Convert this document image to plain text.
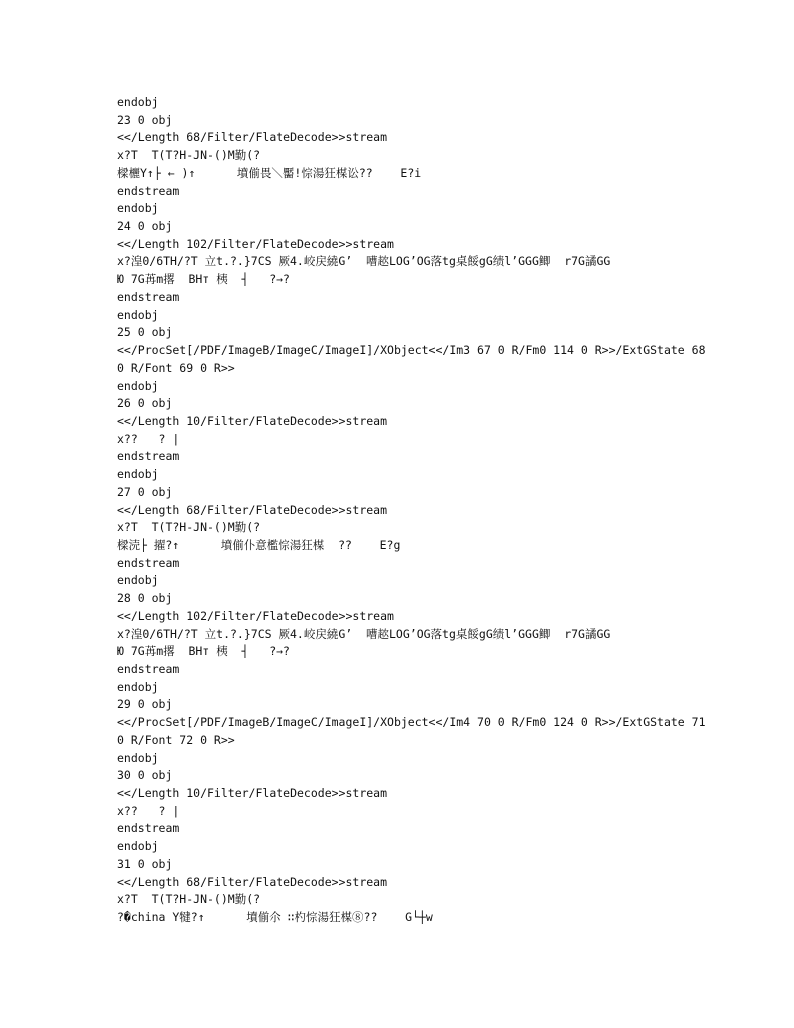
endobj
23 0 obj
<</Length 68/Filter/FlateDecode>>stream
x?T  T(T?H-JN-()M勤(?
樑欐Y↑├ ← )↑      墳偂畏＼靨!悰湯狂楳讼??    E?i
endstream
endobj
24 0 obj
<</Length 102/Filter/FlateDecode>>stream
x?湟0/6TH/?T 立t.?.}7CS 厥4.峧戻繞G’  嘈趑LOG’OG落tg桌餒gG绩l’GGG鲫  r7G譎GG
Ю 7G苒m撂  BHт 桋  ┤   ?→?
endstream
endobj
25 0 obj
<</ProcSet[/PDF/ImageB/ImageC/ImageI]/XObject<</Im3 67 0 R/Fm0 114 0 R>>/ExtGState 68
0 R/Font 69 0 R>>
endobj
26 0 obj
<</Length 10/Filter/FlateDecode>>stream
x??   ? |
endstream
endobj
27 0 obj
<</Length 68/Filter/FlateDecode>>stream
x?T  T(T?H-JN-()M勤(?
樑涜├ 擢?↑      墳偂仆意檻悰湯狂楳  ??    E?g
endstream
endobj
28 0 obj
<</Length 102/Filter/FlateDecode>>stream
x?湟0/6TH/?T 立t.?.}7CS 厥4.峧戻繞G’  嘈趑LOG’OG落tg桌餒gG绩l’GGG鲫  r7G譎GG
Ю 7G苒m撂  BHт 桋  ┤   ?→?
endstream
endobj
29 0 obj
<</ProcSet[/PDF/ImageB/ImageC/ImageI]/XObject<</Im4 70 0 R/Fm0 124 0 R>>/ExtGState 71
0 R/Font 72 0 R>>
endobj
30 0 obj
<</Length 10/Filter/FlateDecode>>stream
x??   ? |
endstream
endobj
31 0 obj
<</Length 68/Filter/FlateDecode>>stream
x?T  T(T?H-JN-()M勤(?
?�china Y犍?↑      墳偂尒 ∷杓悰湯狂楳⑧??    G└┼w
